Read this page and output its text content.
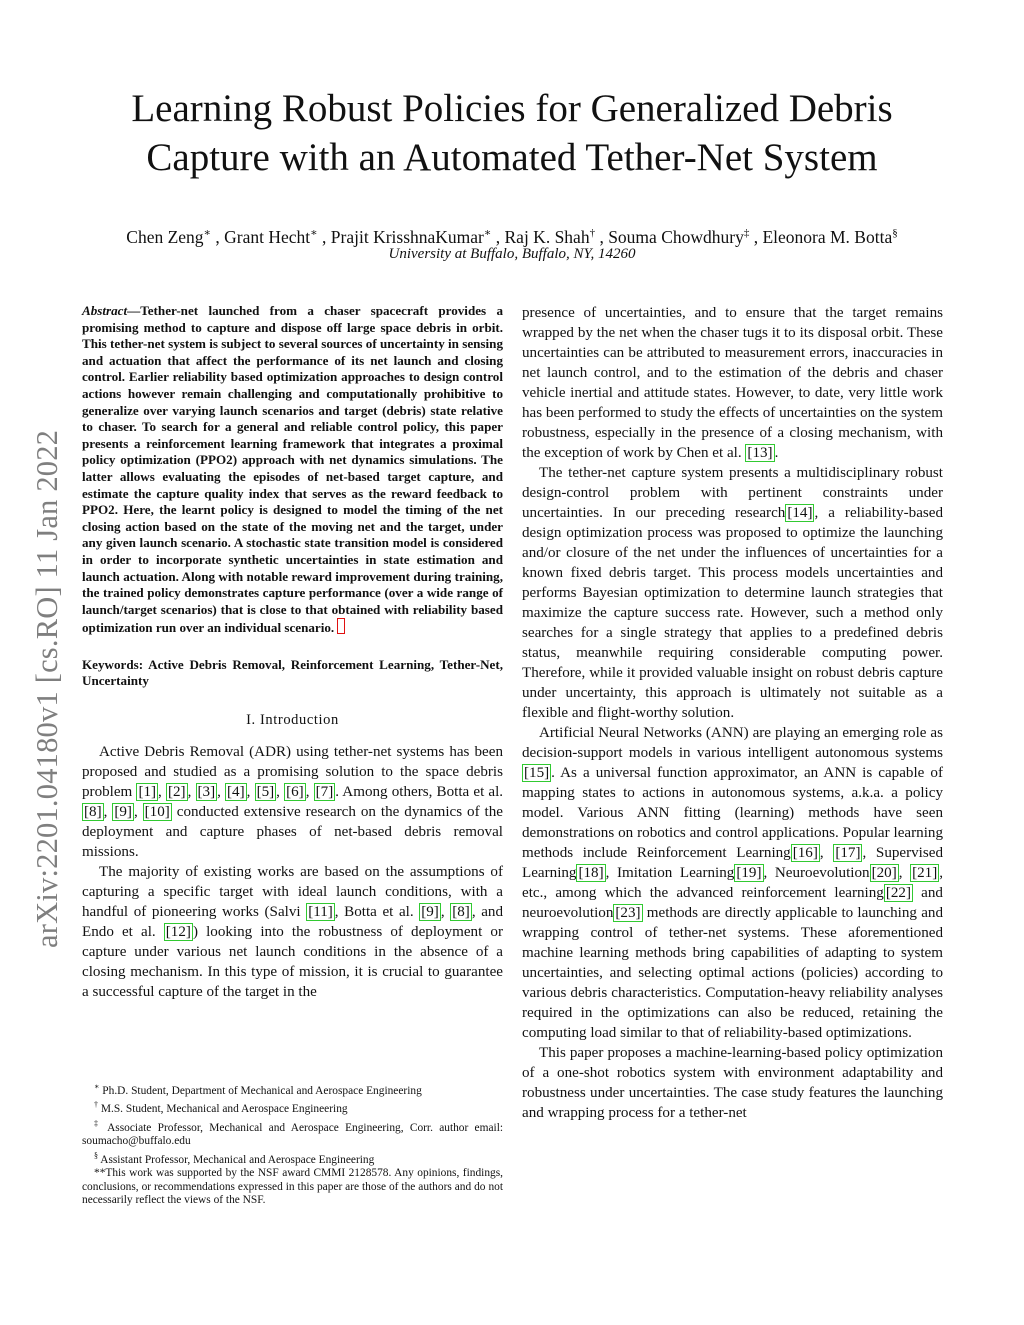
arXiv:2201.04180v1 [cs.RO] 11 Jan 2022
Learning Robust Policies for Generalized Debris
Capture with an Automated Tether-Net System
Chen Zeng∗ , Grant Hecht∗ , Prajit KrisshnaKumar∗ , Raj K. Shah† , Souma Chowdhury‡ , Eleonora M. Botta§
University at Buffalo, Buffalo, NY, 14260

Abstract—Tether-net launched from a chaser spacecraft provides a promising method to capture and dispose off large space debris in orbit. This tether-net system is subject to several sources of uncertainty in sensing and actuation that affect the performance of its net launch and closing control. Earlier reliability based optimization approaches to design control actions however remain challenging and computationally prohibitive to generalize over varying launch scenarios and target (debris) state relative to chaser. To search for a general and reliable control policy, this paper presents a reinforcement learning framework that integrates a proximal policy optimization (PPO2) approach with net dynamics simulations. The latter allows evaluating the episodes of net-based target capture, and estimate the capture quality index that serves as the reward feedback to PPO2. Here, the learnt policy is designed to model the timing of the net closing action based on the state of the moving net and the target, under any given launch scenario. A stochastic state transition model is considered in order to incorporate synthetic uncertainties in state estimation and launch actuation. Along with notable reward improvement during training, the trained policy demonstrates capture performance (over a wide range of launch/target scenarios) that is close to that obtained with reliability based optimization run over an individual scenario.

Keywords: Active Debris Removal, Reinforcement Learning, Tether-Net, Uncertainty

I. Introduction

Active Debris Removal (ADR) using tether-net systems has been proposed and studied as a promising solution to the space debris problem [1] , [2] , [3] , [4] , [5] , [6] , [7] . Among others, Botta et al. [8] , [9] , [10] conducted extensive research on the dynamics of the deployment and capture phases of net-based debris removal missions.

The majority of existing works are based on the assumptions of capturing a specific target with ideal launch conditions, with a handful of pioneering works (Salvi [11] , Botta et al. [9] , [8] , and Endo et al. [12] ) looking into the robustness of deployment or capture under various net launch conditions in the absence of a closing mechanism. In this type of mission, it is crucial to guarantee a successful capture of the target in the

presence of uncertainties, and to ensure that the target remains wrapped by the net when the chaser tugs it to its disposal orbit. These uncertainties can be attributed to measurement errors, inaccuracies in net launch control, and to the estimation of the debris and chaser vehicle inertial and attitude states. However, to date, very little work has been performed to study the effects of uncertainties on the system robustness, especially in the presence of a closing mechanism, with the exception of work by Chen et al. [13] .

The tether-net capture system presents a multidisciplinary robust design-control problem with pertinent constraints under uncertainties. In our preceding research [14] , a reliability-based design optimization process was proposed to optimize the launching and/or closure of the net under the influences of uncertainties for a known fixed debris target. This process models uncertainties and performs Bayesian optimization to determine launch strategies that maximize the capture success rate. However, such a method only searches for a single strategy that applies to a predefined debris status, meanwhile requiring considerable computing power. Therefore, while it provided valuable insight on robust debris capture under uncertainty, this approach is ultimately not suitable as a flexible and flight-worthy solution.

Artificial Neural Networks (ANN) are playing an emerging role as decision-support models in various intelligent autonomous systems [15] . As a universal function approximator, an ANN is capable of mapping states to actions in autonomous systems, a.k.a. a policy model. Various ANN fitting (learning) methods have seen demonstrations on robotics and control applications. Popular learning methods include Reinforcement Learning [16] , [17] , Supervised Learning [18] , Imitation Learning [19] , Neuroevolution [20] , [21] , etc., among which the advanced reinforcement learning [22] and neuroevolution [23] methods are directly applicable to launching and wrapping control of tether-net systems. These aforementioned machine learning methods bring capabilities of adapting to system uncertainties, and selecting optimal actions (policies) according to various debris characteristics. Computation-heavy reliability analyses required in the optimizations can also be reduced, retaining the computing load similar to that of reliability-based optimizations.

This paper proposes a machine-learning-based policy optimization of a one-shot robotics system with environment adaptability and robustness under uncertainties. The case study features the launching and wrapping process for a tether-net

∗ Ph.D. Student, Department of Mechanical and Aerospace Engineering

† M.S. Student, Mechanical and Aerospace Engineering

‡ Associate Professor, Mechanical and Aerospace Engineering, Corr. author email: soumacho@buffalo.edu

§ Assistant Professor, Mechanical and Aerospace Engineering

**This work was supported by the NSF award CMMI 2128578. Any opinions, findings, conclusions, or recommendations expressed in this paper are those of the authors and do not necessarily reflect the views of the NSF.
